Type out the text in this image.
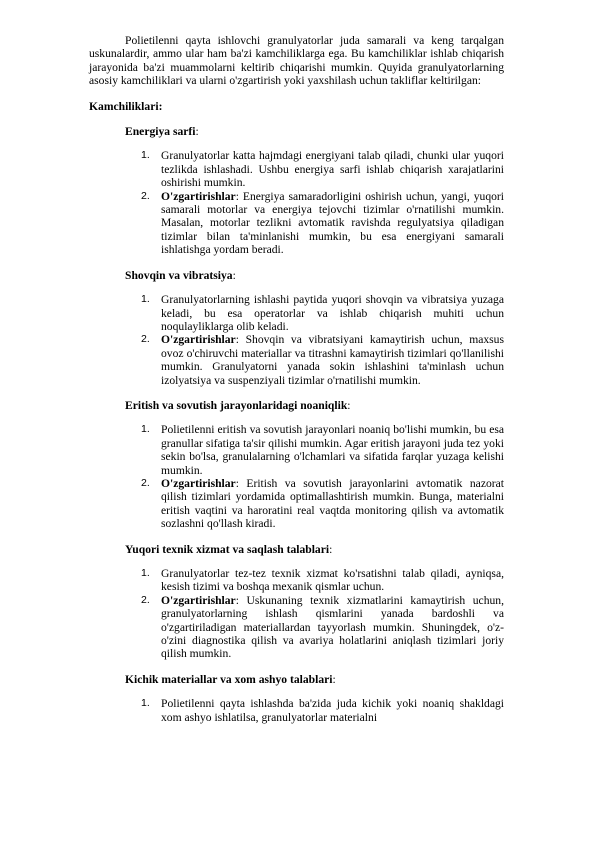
Polietilenni qayta ishlovchi granulyatorlar juda samarali va keng tarqalgan uskunalardir, ammo ular ham ba'zi kamchiliklarga ega. Bu kamchiliklar ishlab chiqarish jarayonida ba'zi muammolarni keltirib chiqarishi mumkin. Quyida granulyatorlarning asosiy kamchiliklari va ularni o'zgartirish yoki yaxshilash uchun takliflar keltirilgan:

Kamchiliklari:

Energiya sarfi:

1. Granulyatorlar katta hajmdagi energiyani talab qiladi, chunki ular yuqori tezlikda ishlashadi. Ushbu energiya sarfi ishlab chiqarish xarajatlarini oshirishi mumkin.
2. O'zgartirishlar: Energiya samaradorligini oshirish uchun, yangi, yuqori samarali motorlar va energiya tejovchi tizimlar o'rnatilishi mumkin. Masalan, motorlar tezlikni avtomatik ravishda regulyatsiya qiladigan tizimlar bilan ta'minlanishi mumkin, bu esa energiyani samarali ishlatishga yordam beradi.

Shovqin va vibratsiya:

1. Granulyatorlarning ishlashi paytida yuqori shovqin va vibratsiya yuzaga keladi, bu esa operatorlar va ishlab chiqarish muhiti uchun noqulayliklarga olib keladi.
2. O'zgartirishlar: Shovqin va vibratsiyani kamaytirish uchun, maxsus ovoz o'chiruvchi materiallar va titrashni kamaytirish tizimlari qo'llanilishi mumkin. Granulyatorni yanada sokin ishlashini ta'minlash uchun izolyatsiya va suspenziyali tizimlar o'rnatilishi mumkin.

Eritish va sovutish jarayonlaridagi noaniqlik:

1. Polietilenni eritish va sovutish jarayonlari noaniq bo'lishi mumkin, bu esa granullar sifatiga ta'sir qilishi mumkin. Agar eritish jarayoni juda tez yoki sekin bo'lsa, granulalarning o'lchamlari va sifatida farqlar yuzaga kelishi mumkin.
2. O'zgartirishlar: Eritish va sovutish jarayonlarini avtomatik nazorat qilish tizimlari yordamida optimallashtirish mumkin. Bunga, materialni eritish vaqtini va haroratini real vaqtda monitoring qilish va avtomatik sozlashni qo'llash kiradi.

Yuqori texnik xizmat va saqlash talablari:

1. Granulyatorlar tez-tez texnik xizmat ko'rsatishni talab qiladi, ayniqsa, kesish tizimi va boshqa mexanik qismlar uchun.
2. O'zgartirishlar: Uskunaning texnik xizmatlarini kamaytirish uchun, granulyatorlarning ishlash qismlarini yanada bardoshli va o'zgartiriladigan materiallardan tayyorlash mumkin. Shuningdek, o'z-o'zini diagnostika qilish va avariya holatlarini aniqlash tizimlari joriy qilish mumkin.

Kichik materiallar va xom ashyo talablari:

1. Polietilenni qayta ishlashda ba'zida juda kichik yoki noaniq shakldagi xom ashyo ishlatilsa, granulyatorlar materialni
